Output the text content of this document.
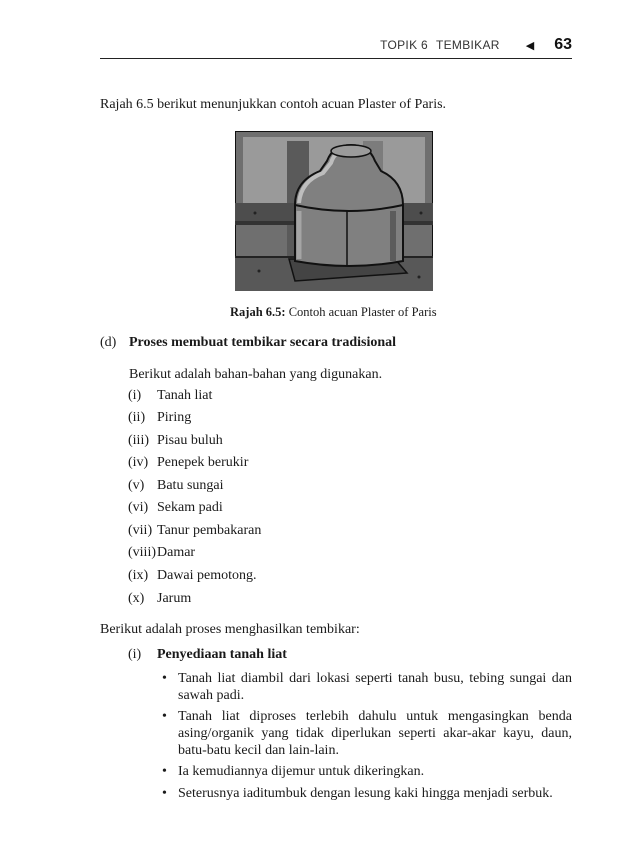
TOPIK 6 TEMBIKAR ◀ 63
Rajah 6.5 berikut menunjukkan contoh acuan Plaster of Paris.
Rajah 6.5: Contoh acuan Plaster of Paris
(d) Proses membuat tembikar secara tradisional
Berikut adalah bahan-bahan yang digunakan.
(i) Tanah liat
(ii) Piring
(iii) Pisau buluh
(iv) Penepek berukir
(v) Batu sungai
(vi) Sekam padi
(vii) Tanur pembakaran
(viii) Damar
(ix) Dawai pemotong.
(x) Jarum
Berikut adalah proses menghasilkan tembikar:
(i) Penyediaan tanah liat
• Tanah liat diambil dari lokasi seperti tanah busu, tebing sungai dan sawah padi.
• Tanah liat diproses terlebih dahulu untuk mengasingkan benda asing/organik yang tidak diperlukan seperti akar-akar kayu, daun, batu-batu kecil dan lain-lain.
• Ia kemudiannya dijemur untuk dikeringkan.
• Seterusnya iaditumbuk dengan lesung kaki hingga menjadi serbuk.
